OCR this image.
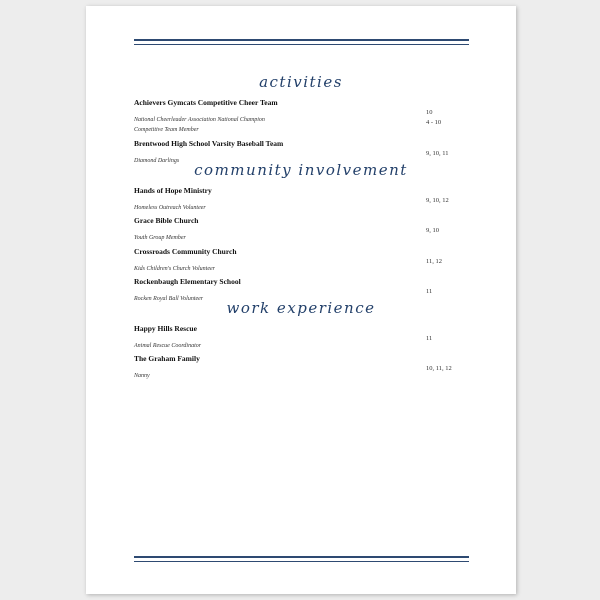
activities
Achievers Gymcats Competitive Cheer Team
National Cheerleader Association National Champion
10
Competitive Team Member
4 - 10
Brentwood High School Varsity Baseball Team
Diamond Darlings
9, 10, 11
community involvement
Hands of Hope Ministry
Homeless Outreach Volunteer
9, 10, 12
Grace Bible Church
Youth Group Member
9, 10
Crossroads Community Church
Kids Children's Church Volunteer
11, 12
Rockenbaugh Elementary School
Rocken Royal Ball Volunteer
11
work experience
Happy Hills Rescue
Animal Rescue Coordinator
11
The Graham Family
Nanny
10, 11, 12
